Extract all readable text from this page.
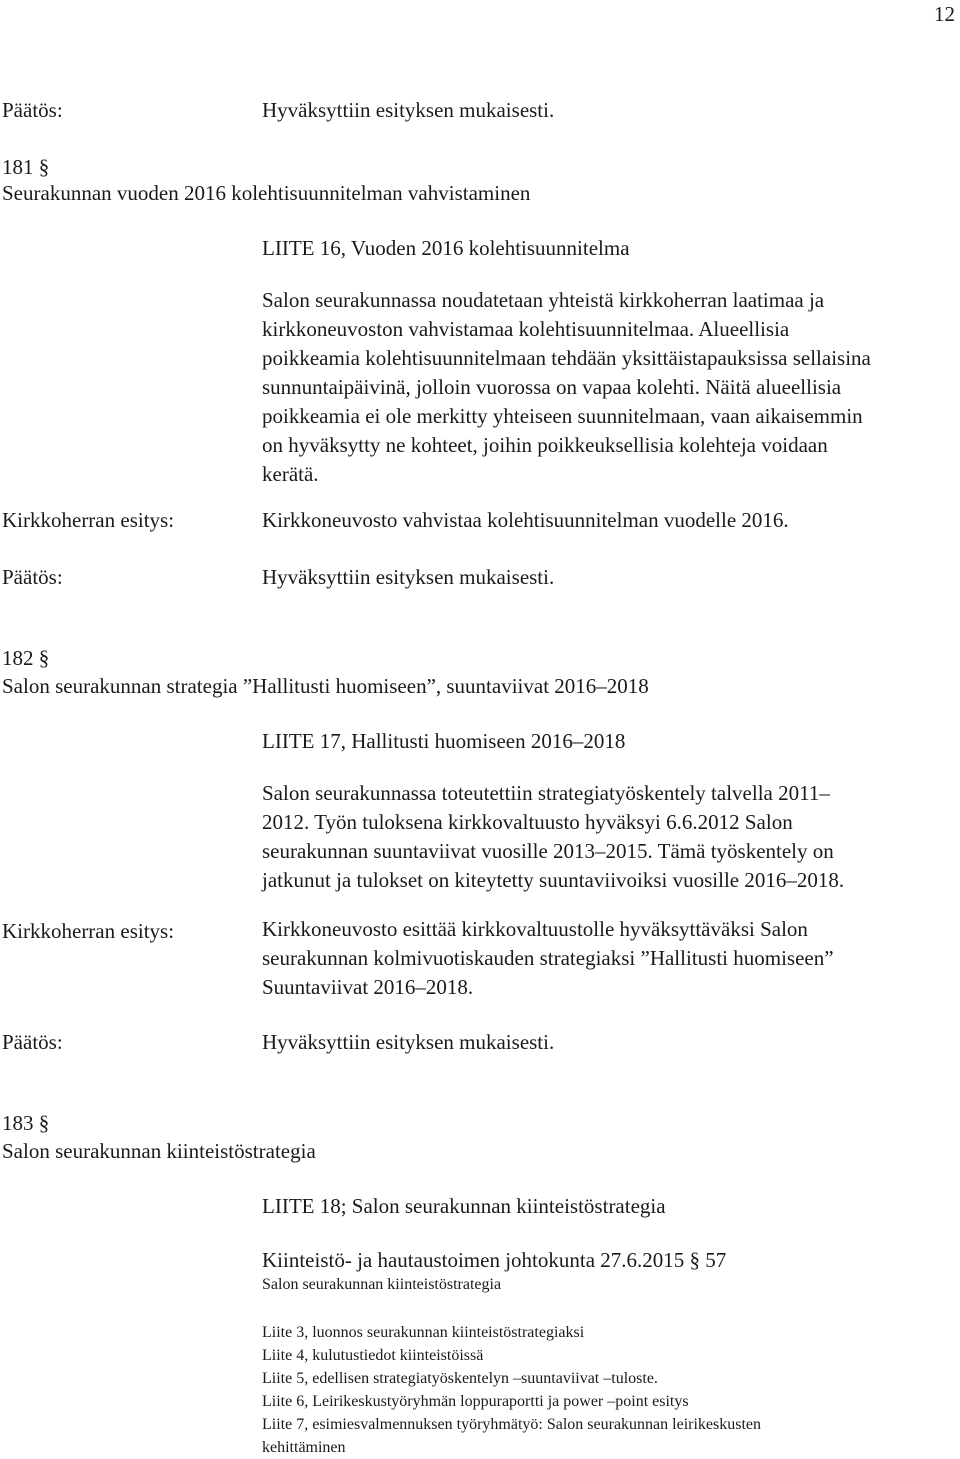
12
Päätös:	Hyväksyttiin esityksen mukaisesti.
181 §
Seurakunnan vuoden 2016 kolehtisuunnitelman vahvistaminen
LIITE 16, Vuoden 2016 kolehtisuunnitelma
Salon seurakunnassa noudatetaan yhteistä kirkkoherran laatimaa ja
kirkkoneuvoston vahvistamaa kolehtisuunnitelmaa. Alueellisia
poikkeamia kolehtisuunnitelmaan tehdään yksittäistapauksissa sellaisina
sunnuntaipäivinä, jolloin vuorossa on vapaa kolehti. Näitä alueellisia
poikkeamia ei ole merkitty yhteiseen suunnitelmaan, vaan aikaisemmin
on hyväksytty ne kohteet, joihin poikkeuksellisia kolehteja voidaan
kerätä.
Kirkkoherran esitys:	Kirkkoneuvosto vahvistaa kolehtisuunnitelman vuodelle 2016.
Päätös:	Hyväksyttiin esityksen mukaisesti.
182 §
Salon seurakunnan strategia ”Hallitusti huomiseen”, suuntaviivat 2016–2018
LIITE 17, Hallitusti huomiseen 2016–2018
Salon seurakunnassa toteutettiin strategiatyöskentely talvella 2011–
2012. Työn tuloksena kirkkovaltuusto hyväksyi 6.6.2012 Salon
seurakunnan suuntaviivat vuosille 2013–2015. Tämä työskentely on
jatkunut ja tulokset on kiteytetty suuntaviivoiksi vuosille 2016–2018.
Kirkkoherran esitys:	Kirkkoneuvosto esittää kirkkovaltuustolle hyväksyttäväksi Salon
seurakunnan kolmivuotiskauden strategiaksi ”Hallitusti huomiseen”
Suuntaviivat 2016–2018.
Päätös:	Hyväksyttiin esityksen mukaisesti.
183 §
Salon seurakunnan kiinteistöstrategia
LIITE 18; Salon seurakunnan kiinteistöstrategia
Kiinteistö- ja hautaustoimen johtokunta 27.6.2015 § 57
Salon seurakunnan kiinteistöstrategia
Liite 3, luonnos seurakunnan kiinteistöstrategiaksi
Liite 4, kulutustiedot kiinteistöissä
Liite 5, edellisen strategiatyöskentelyn –suuntaviivat –tuloste.
Liite 6, Leirikeskustyöryhmän loppuraportti ja power –point esitys
Liite 7, esimiesvalmennuksen työryhmätyö: Salon seurakunnan leirikeskusten
kehittäminen
